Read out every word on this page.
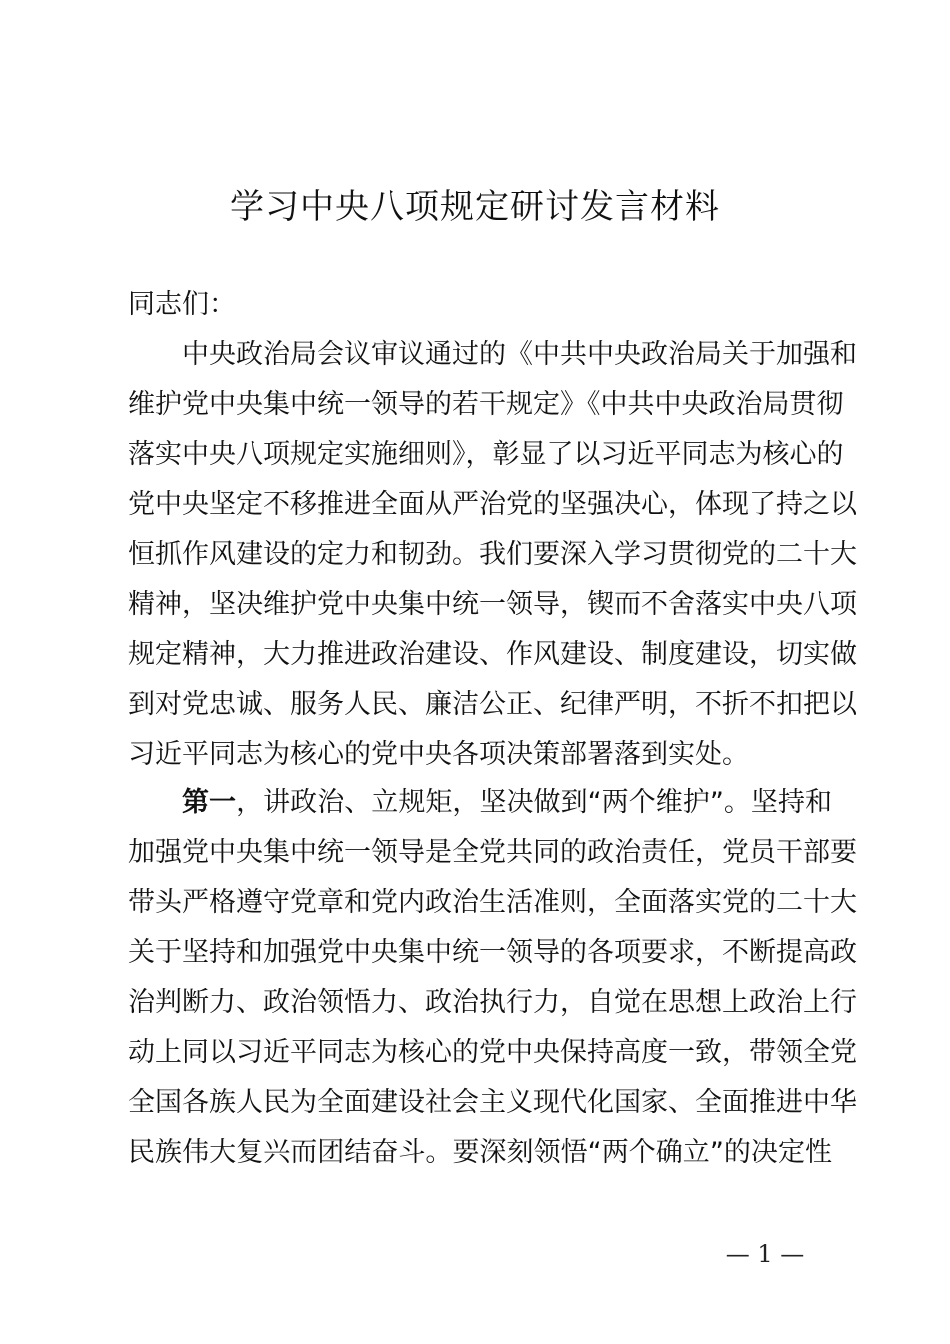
学习中央八项规定研讨发言材料
同志们：
中央政治局会议审议通过的《中共中央政治局关于加强和
维护党中央集中统一领导的若干规定》《中共中央政治局贯彻
落实中央八项规定实施细则》，彰显了以习近平同志为核心的
党中央坚定不移推进全面从严治党的坚强决心，体现了持之以
恒抓作风建设的定力和韧劲。我们要深入学习贯彻党的二十大
精神，坚决维护党中央集中统一领导，锲而不舍落实中央八项
规定精神，大力推进政治建设、作风建设、制度建设，切实做
到对党忠诚、服务人民、廉洁公正、纪律严明，不折不扣把以
习近平同志为核心的党中央各项决策部署落到实处。
第一，讲政治、立规矩，坚决做到“两个维护”。坚持和
加强党中央集中统一领导是全党共同的政治责任，党员干部要
带头严格遵守党章和党内政治生活准则，全面落实党的二十大
关于坚持和加强党中央集中统一领导的各项要求，不断提高政
治判断力、政治领悟力、政治执行力，自觉在思想上政治上行
动上同以习近平同志为核心的党中央保持高度一致，带领全党
全国各族人民为全面建设社会主义现代化国家、全面推进中华
民族伟大复兴而团结奋斗。要深刻领悟“两个确立”的决定性
— 1 —
